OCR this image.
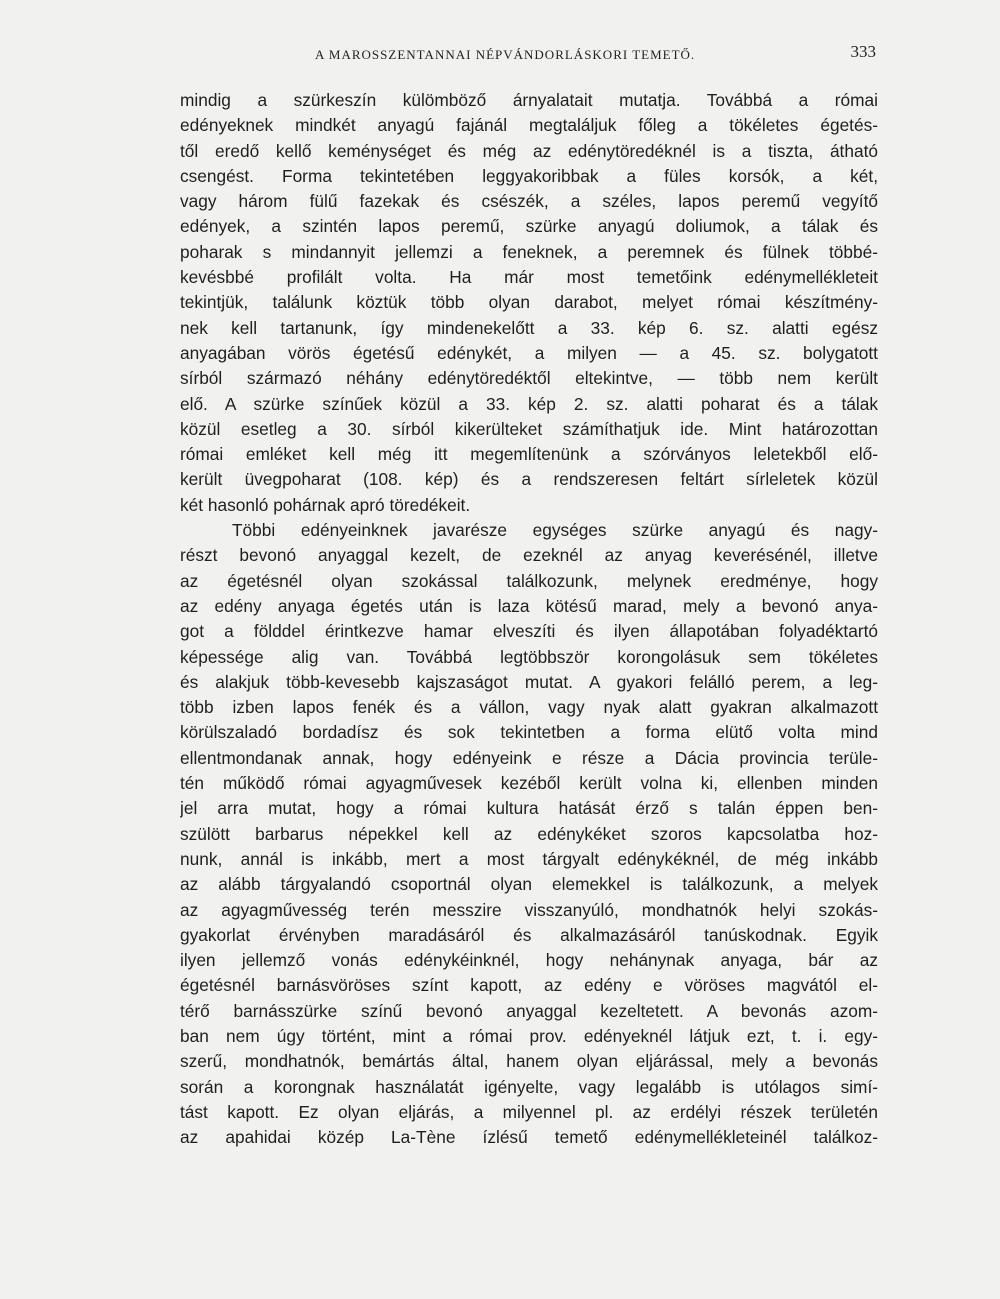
A MAROSSZENTANNAI NÉPVÁNDORLÁSKORI TEMETŐ.	333
mindig a szürkeszín külömböző árnyalatait mutatja. Továbbá a római
edényeknek mindkét anyagú fajánál megtaláljuk főleg a tökéletes égetés-
től eredő kellő keménységet és még az edénytöredéknél is a tiszta, átható
csengést. Forma tekintetében leggyakoribbak a füles korsók, a két,
vagy három fülű fazekak és csészék, a széles, lapos peremű vegyítő
edények, a szintén lapos peremű, szürke anyagú doliumok, a tálak és
poharak s mindannyit jellemzi a feneknek, a peremnek és fülnek többé-
kevésbbé profilált volta. Ha már most temetőink edénymellékleteit
tekintjük, találunk köztük több olyan darabot, melyet római készítmény-
nek kell tartanunk, így mindenekelőtt a 33. kép 6. sz. alatti egész
anyagában vörös égetésű edénykét, a milyen — a 45. sz. bolygatott
sírból származó néhány edénytöredéktől eltekintve, — több nem került
elő. A szürke színűek közül a 33. kép 2. sz. alatti poharat és a tálak
közül esetleg a 30. sírból kikerülteket számíthatjuk ide. Mint határozottan
római emléket kell még itt megemlítenünk a szórványos leletekből elő-
került üvegpoharat (108. kép) és a rendszeresen feltárt sírleletek közül
két hasonló pohárnak apró töredékeit.
Többi edényeinknek javarésze egységes szürke anyagú és nagy-
részt bevonó anyaggal kezelt, de ezeknél az anyag keverésénél, illetve
az égetésnél olyan szokással találkozunk, melynek eredménye, hogy
az edény anyaga égetés után is laza kötésű marad, mely a bevonó anya-
got a földdel érintkezve hamar elveszíti és ilyen állapotában folyadéktartó
képessége alig van. Továbbá legtöbbször korongolásuk sem tökéletes
és alakjuk több-kevesebb kajszaságot mutat. A gyakori felálló perem, a leg-
több izben lapos fenék és a vállon, vagy nyak alatt gyakran alkalmazott
körülszaladó bordadísz és sok tekintetben a forma elütő volta mind
ellentmondanak annak, hogy edényeink e része a Dácia provincia terüle-
tén működő római agyagművesek kezéből került volna ki, ellenben minden
jel arra mutat, hogy a római kultura hatását érző s talán éppen ben-
szülött barbarus népekkel kell az edénykéket szoros kapcsolatba hoz-
nunk, annál is inkább, mert a most tárgyalt edénykéknél, de még inkább
az alább tárgyalandó csoportnál olyan elemekkel is találkozunk, a melyek
az agyagművesség terén messzire visszanyúló, mondhatnók helyi szokás-
gyakorlat érvényben maradásáról és alkalmazásáról tanúskodnak. Egyik
ilyen jellemző vonás edénykéinknél, hogy nehánynak anyaga, bár az
égetésnél barnásvöröses színt kapott, az edény e vöröses magvától el-
térő barnásszürke színű bevonó anyaggal kezeltetett. A bevonás azom-
ban nem úgy történt, mint a római prov. edényeknél látjuk ezt, t. i. egy-
szerű, mondhatnók, bemártás által, hanem olyan eljárással, mely a bevonás
során a korongnak használatát igényelte, vagy legalább is utólagos simí-
tást kapott. Ez olyan eljárás, a milyennel pl. az erdélyi részek területén
az apahidai közép La-Tène ízlésű temető edénymellékleteinél találkoz-
